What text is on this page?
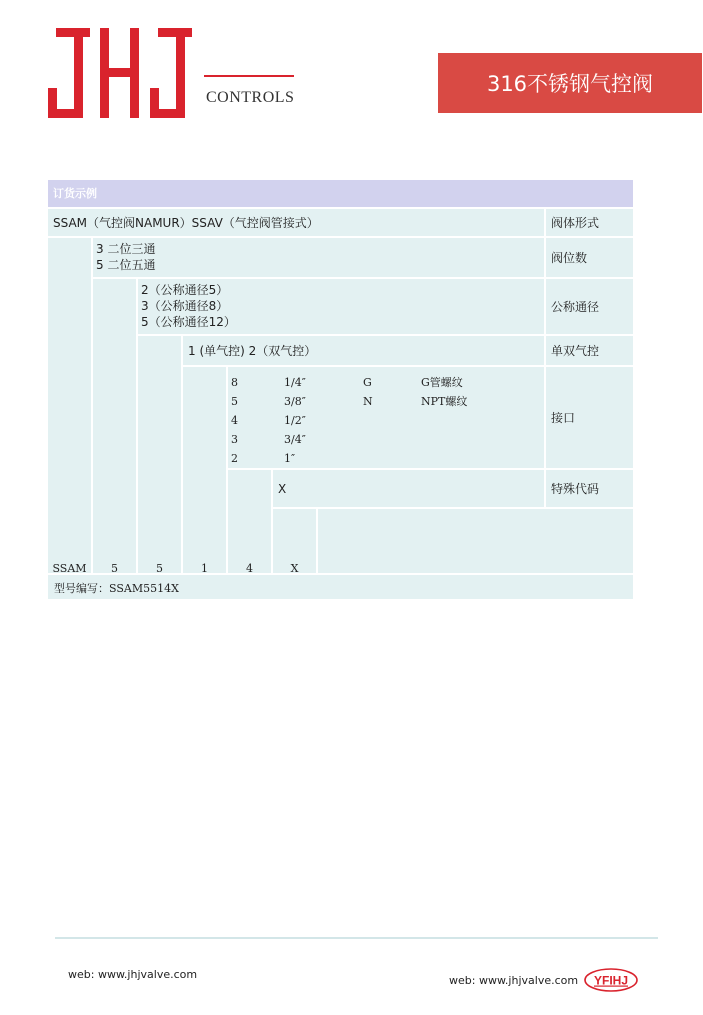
CONTROLS
316不锈钢气控阀
订货示例
SSAM（气控阀NAMUR）SSAV（气控阀管接式）	阀体形式
3 二位三通
5 二位五通
阀位数
2（公称通径5）
3（公称通径8）
5（公称通径12）
公称通径
1 (单气控) 2（双气控）	单双气控
8	1/4″	G	G管螺纹
5	3/8″	N	NPT螺纹
4	1/2″
3	3/4″
2	1″
接口
X	特殊代码
SSAM	5	5	1	4	X
型号编写：SSAM5514X
web: www.jhjvalve.com	web: www.jhjvalve.com YFIHJ
